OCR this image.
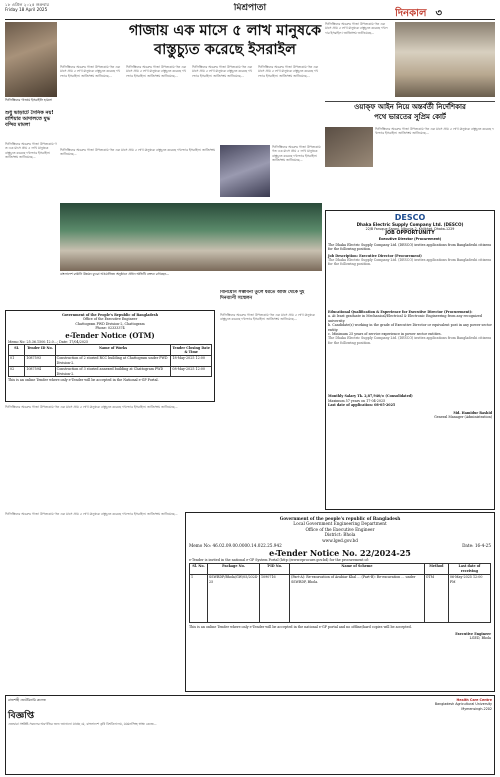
১৮ এপ্রিল ২০২৫ শুক্রবার
Friday 18 April 2025	মিশ্রপাতা	দিনকাল ৩
গাজায় এক মাসে ৫ লাখ মানুষকে
বাস্তুচ্যুত করেছে ইসরাইল
ফিলিস্তিনের গাজায় ইসরাইলি হামলা
শুধু ভাড়াটে সৈনিক নয়! রাশিয়ার আদালতে যুদ্ধ বন্দির মামলা
ফিলিস্তিনের অবরুদ্ধ গাজা উপত্যকায় গত এক মাসে প্রায় ৫ লাখ মানুষকে বাস্তুচ্যুত করেছে দখলদার ইসরাইল। জাতিসংঘ জানিয়েছে...
ফিলিস্তিনের অবরুদ্ধ গাজা উপত্যকায় গত এক মাসে প্রায় ৫ লাখ মানুষকে বাস্তুচ্যুত করেছে দখলদার ইসরাইল। জাতিসংঘ জানিয়েছে...
ফিলিস্তিনের অবরুদ্ধ গাজা উপত্যকায় গত এক মাসে প্রায় ৫ লাখ মানুষকে বাস্তুচ্যুত করেছে দখলদার ইসরাইল। জাতিসংঘ জানিয়েছে...
ফিলিস্তিনের অবরুদ্ধ গাজা উপত্যকায় গত এক মাসে প্রায় ৫ লাখ মানুষকে বাস্তুচ্যুত করেছে দখলদার ইসরাইল। জাতিসংঘ জানিয়েছে...
ফিলিস্তিনের অবরুদ্ধ গাজা উপত্যকায় গত এক মাসে প্রায় ৫ লাখ মানুষকে বাস্তুচ্যুত করেছে দখলদার ইসরাইল। জাতিসংঘ জানিয়েছে...
ফিলিস্তিনের অবরুদ্ধ গাজা উপত্যকায় গত এক মাসে প্রায় ৫ লাখ মানুষকে বাস্তুচ্যুত করেছে দখলদার ইসরাইল। জাতিসংঘ জানিয়েছে...
ওয়াক্ফ আইন নিয়ে অন্তর্বর্তী নির্দেশিকার
পথে ভারতের সুপ্রিম কোর্ট
ফিলিস্তিনের অবরুদ্ধ গাজা উপত্যকায় গত এক মাসে প্রায় ৫ লাখ মানুষকে বাস্তুচ্যুত করেছে দখলদার ইসরাইল। জাতিসংঘ জানিয়েছে...
ফিলিস্তিনের অবরুদ্ধ গাজা উপত্যকায় গত এক মাসে প্রায় ৫ লাখ মানুষকে বাস্তুচ্যুত করেছে দখলদার ইসরাইল। জাতিসংঘ জানিয়েছে...
ফিলিস্তিনের অবরুদ্ধ গাজা উপত্যকায় গত এক মাসে প্রায় ৫ লাখ মানুষকে বাস্তুচ্যুত করেছে দখলদার ইসরাইল। জাতিসংঘ জানিয়েছে...
বাংলাদেশ রপ্তানি উন্নয়ন ব্যুরো আয়োজিত অনুষ্ঠানে প্রধান অতিথি বক্তব্য রাখছেন...
DESCO
Dhaka Electric Supply Company Ltd. (DESCO)
22/B Faruque Sarani, Nikunja-2, Khilkhet, Dhaka-1229
JOB OPPORTUNITY
Executive Director (Procurement)
The Dhaka Electric Supply Company Ltd. (DESCO) invites applications from Bangladeshi citizens for the following position.
Job Description: Executive Director (Procurement)
The Dhaka Electric Supply Company Ltd. (DESCO) invites applications from Bangladeshi citizens for the following position.
Educational Qualification & Experience for Executive Director (Procurement):
a. At least graduate in Mechanical/Electrical & Electronic Engineering from any recognized university.
b. Candidate(s) working in the grade of Executive Director or equivalent post in any power sector entity.
c. Minimum 25 years of service experience in power sector entities.
The Dhaka Electric Supply Company Ltd. (DESCO) invites applications from Bangladeshi citizens for the following position.
Monthly Salary Tk. 2,87,940/= (Consolidated)
Maximum 57 years on 17-04-2025
Last date of application: 08-05-2025
Md. Hamidur Rashid
General Manager (Administration)
Government of the People's Republic of Bangladesh
Office of the Executive Engineer
Chattogram PWD Division-2, Chattogram
Phone: 02333374
e-Tender Notice (OTM)
Memo No: 25.36.1500.12.0...; Date: 17/04/2025
SL	Tender ID No.	Name of Works	Tender Closing Date & Time
01	1087593	Construction of 2 storied RCC building at Chattogram under PWD Division-2.	18-May-2025 12:00
02	1087594	Construction of 3 storied annexed building at Chattogram PWD Division-2.	08-May-2025 12:00
This is an online Tender where only e-Tender will be accepted in the National e-GP Portal.
বিনিয়োগ সম্ভাবনা তুলে ধরতে আজ থেকে দুই দিনব্যাপী সম্মেলন
ফিলিস্তিনের অবরুদ্ধ গাজা উপত্যকায় গত এক মাসে প্রায় ৫ লাখ মানুষকে বাস্তুচ্যুত করেছে দখলদার ইসরাইল। জাতিসংঘ জানিয়েছে...
ফিলিস্তিনের অবরুদ্ধ গাজা উপত্যকায় গত এক মাসে প্রায় ৫ লাখ মানুষকে বাস্তুচ্যুত করেছে দখলদার ইসরাইল। জাতিসংঘ জানিয়েছে...
Government of the people's republic of Bangladesh
Local Government Engineering Department
Office of the Executive Engineer
District: Bhola
www.lged.gov.bd
Memo No: 46.02.09.00.0000.14.022.25.942	Date: 16-4-25
e-Tender Notice No. 22/2024-25
e-Tender is invited in the national e-GP System Portal (http://www.eprocure.gov.bd) for the procurement of:
Sl. No.	Package No.	T-ID No.	Name of Scheme	Method	Last date of receiving
1	SSWRDP/Bhola/GW/05/2024-25	1090716	(Part-A): Re-excavation of Arabiar Khal ... (Part-B): Re-excavation ... under SSWRDP, Bhola.	OTM	06-May-2025 12:00 PM
This is an online Tender where only e-Tender will be accepted in the national e-GP portal and no offline/hard copies will be accepted.
Executive Engineer
LGED, Bhola
রাজশাহী ভেটেরিনারি কলেজ	Health Care Centre
Bangladesh Agricultural University
Mymensingh-2202
বিজ্ঞপ্তি
এতদ্বারা সংশ্লিষ্ট সকলের অবগতির জন্য জানানো যাচ্ছে যে, বাংলাদেশ কৃষি বিশ্ববিদ্যালয়, ময়মনসিংহ স্বাস্থ্য কেন্দ্রে...
ফিলিস্তিনের অবরুদ্ধ গাজা উপত্যকায় গত এক মাসে প্রায় ৫ লাখ মানুষকে বাস্তুচ্যুত করেছে দখলদার ইসরাইল। জাতিসংঘ জানিয়েছে...
